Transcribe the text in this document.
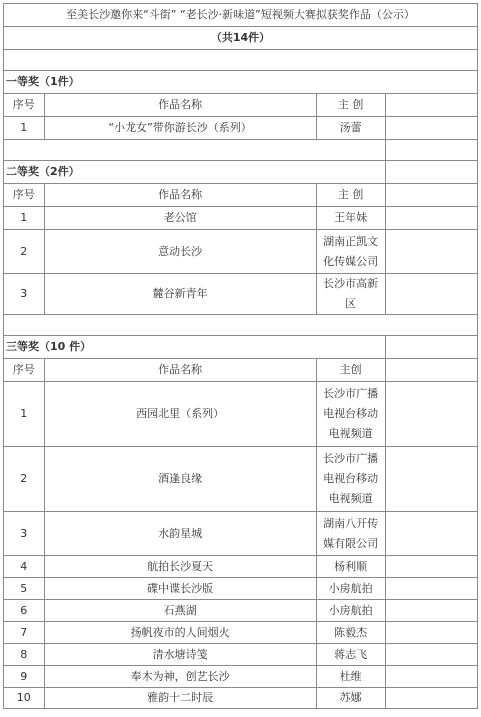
至美长沙邀你来“斗街” “老长沙·新味道”短视频大赛拟获奖作品（公示）			
（共14件）			

一等奖（1件）			
序号	作品名称	主 创	
1	“小龙女”带你游长沙（系列）	汤蕾	

二等奖（2件）			
序号	作品名称	主 创	
1	老公馆	王年妹	
2	意动长沙	湖南正凯文化传媒公司	
3	麓谷新青年	长沙市高新区	

三等奖（10 件）			
序号	作品名称	主创	
1	西园北里（系列）	长沙市广播电视台移动电视频道	
2	酒逢良缘	长沙市广播电视台移动电视频道	
3	水韵星城	湖南八开传媒有限公司	
4	航拍长沙夏天	杨利顺	
5	碟中谍长沙版	小房航拍	
6	石燕湖	小房航拍	
7	扬帆夜市的人间烟火	陈毅杰	
8	清水塘诗笺	蒋志飞	
9	奉木为神，创艺长沙	杜维	
10	雅韵十二时辰	苏娜	
